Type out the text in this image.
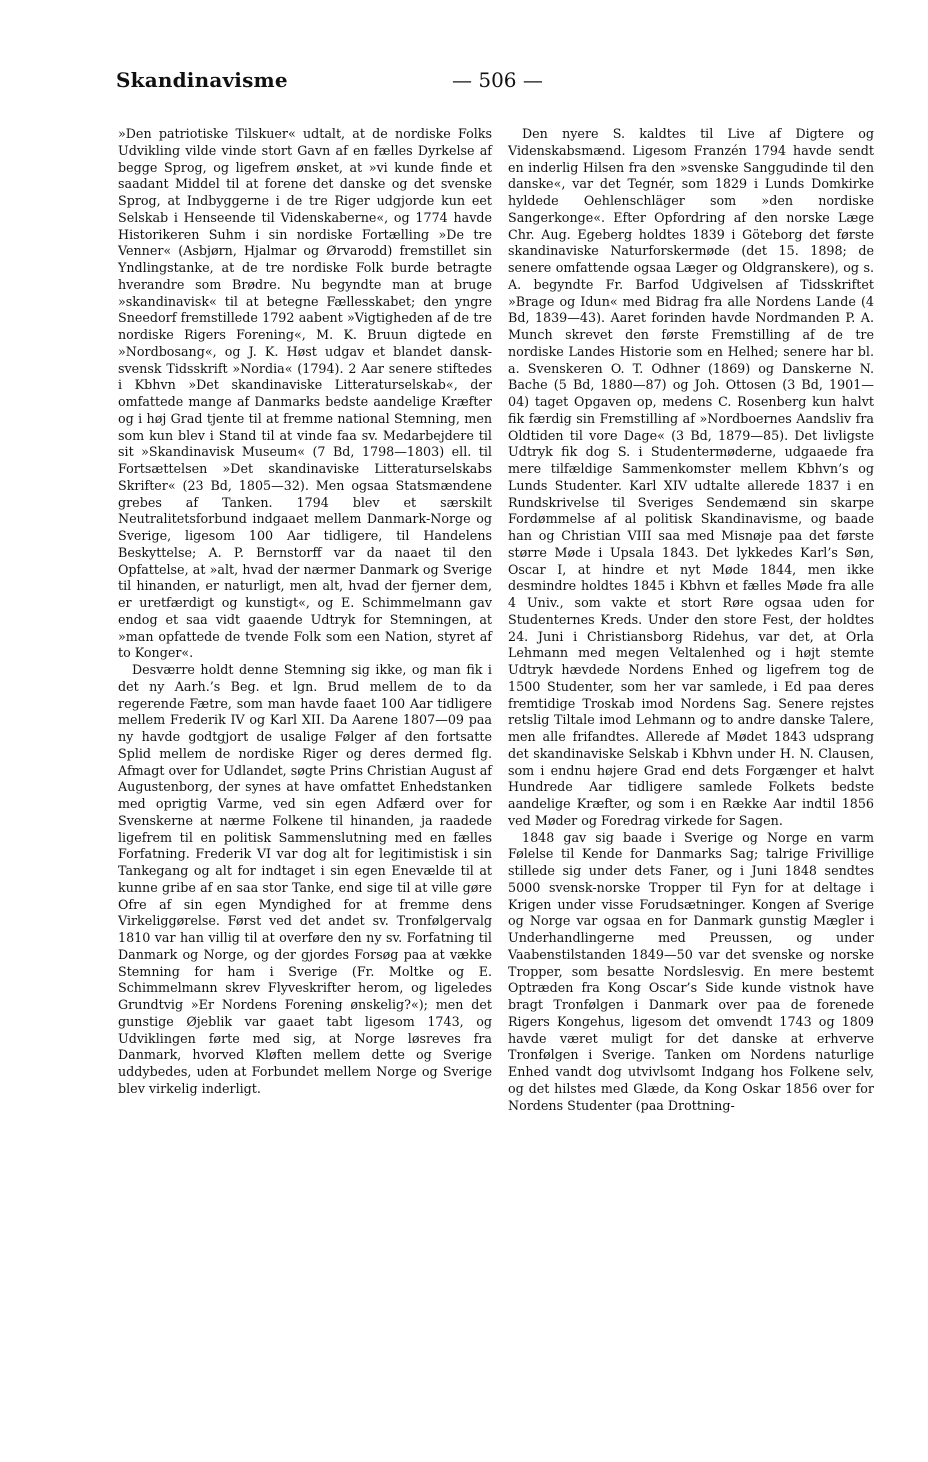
Skandinavisme	— 506 —

»Den patriotiske Tilskuer« udtalt, at de nordiske Folks Udvikling vilde vinde stort Gavn af en fælles Dyrkelse af begge Sprog, og ligefrem ønsket, at »vi kunde finde et saadant Middel til at forene det danske og det svenske Sprog, at Indbyggerne i de tre Riger udgjorde kun eet Selskab i Henseende til Videnskaberne«, og 1774 havde Historikeren Suhm i sin nordiske Fortælling »De tre Venner« (Asbjørn, Hjalmar og Ørvarodd) fremstillet sin Yndlingstanke, at de tre nordiske Folk burde betragte hverandre som Brødre. Nu begyndte man at bruge »skandinavisk« til at betegne Fællesskabet; den yngre Sneedorf fremstillede 1792 aabent »Vigtigheden af de tre nordiske Rigers Forening«, M. K. Bruun digtede en »Nordbosang«, og J. K. Høst udgav et blandet dansk-svensk Tidsskrift »Nordia« (1794). 2 Aar senere stiftedes i Kbhvn »Det skandinaviske Litteraturselskab«, der omfattede mange af Danmarks bedste aandelige Kræfter og i høj Grad tjente til at fremme national Stemning, men som kun blev i Stand til at vinde faa sv. Medarbejdere til sit »Skandinavisk Museum« (7 Bd, 1798—1803) ell. til Fortsættelsen »Det skandinaviske Litteraturselskabs Skrifter« (23 Bd, 1805—32). Men ogsaa Statsmændene grebes af Tanken. 1794 blev et særskilt Neutralitetsforbund indgaaet mellem Danmark-Norge og Sverige, ligesom 100 Aar tidligere, til Handelens Beskyttelse; A. P. Bernstorff var da naaet til den Opfattelse, at »alt, hvad der nærmer Danmark og Sverige til hinanden, er naturligt, men alt, hvad der fjerner dem, er uretfærdigt og kunstigt«, og E. Schimmelmann gav endog et saa vidt gaaende Udtryk for Stemningen, at »man opfattede de tvende Folk som een Nation, styret af to Konger«.

Desværre holdt denne Stemning sig ikke, og man fik i det ny Aarh.’s Beg. et lgn. Brud mellem de to da regerende Fætre, som man havde faaet 100 Aar tidligere mellem Frederik IV og Karl XII. Da Aarene 1807—09 paa ny havde godtgjort de usalige Følger af den fortsatte Splid mellem de nordiske Riger og deres dermed flg. Afmagt over for Udlandet, søgte Prins Christian August af Augustenborg, der synes at have omfattet Enhedstanken med oprigtig Varme, ved sin egen Adfærd over for Svenskerne at nærme Folkene til hinanden, ja raadede ligefrem til en politisk Sammenslutning med en fælles Forfatning. Frederik VI var dog alt for legitimistisk i sin Tankegang og alt for indtaget i sin egen Enevælde til at kunne gribe af en saa stor Tanke, end sige til at ville gøre Ofre af sin egen Myndighed for at fremme dens Virkeliggørelse. Først ved det andet sv. Tronfølgervalg 1810 var han villig til at overføre den ny sv. Forfatning til Danmark og Norge, og der gjordes Forsøg paa at vække Stemning for ham i Sverige (Fr. Moltke og E. Schimmelmann skrev Flyveskrifter herom, og ligeledes Grundtvig »Er Nordens Forening ønskelig?«); men det gunstige Øjeblik var gaaet tabt ligesom 1743, og Udviklingen førte med sig, at Norge løsreves fra Danmark, hvorved Kløften mellem dette og Sverige uddybedes, uden at Forbundet mellem Norge og Sverige blev virkelig inderligt.

Den nyere S. kaldtes til Live af Digtere og Videnskabsmænd. Ligesom Franzén 1794 havde sendt en inderlig Hilsen fra den »svenske Sanggudinde til den danske«, var det Tegnér, som 1829 i Lunds Domkirke hyldede Oehlenschläger som »den nordiske Sangerkonge«. Efter Opfordring af den norske Læge Chr. Aug. Egeberg holdtes 1839 i Göteborg det første skandinaviske Naturforskermøde (det 15. 1898; de senere omfattende ogsaa Læger og Oldgranskere), og s. A. begyndte Fr. Barfod Udgivelsen af Tidsskriftet »Brage og Idun« med Bidrag fra alle Nordens Lande (4 Bd, 1839—43). Aaret forinden havde Nordmanden P. A. Munch skrevet den første Fremstilling af de tre nordiske Landes Historie som en Helhed; senere har bl. a. Svenskeren O. T. Odhner (1869) og Danskerne N. Bache (5 Bd, 1880—87) og Joh. Ottosen (3 Bd, 1901—04) taget Opgaven op, medens C. Rosenberg kun halvt fik færdig sin Fremstilling af »Nordboernes Aandsliv fra Oldtiden til vore Dage« (3 Bd, 1879—85). Det livligste Udtryk fik dog S. i Studentermøderne, udgaaede fra mere tilfældige Sammenkomster mellem Kbhvn’s og Lunds Studenter. Karl XIV udtalte allerede 1837 i en Rundskrivelse til Sveriges Sendemænd sin skarpe Fordømmelse af al politisk Skandinavisme, og baade han og Christian VIII saa med Misnøje paa det første større Møde i Upsala 1843. Det lykkedes Karl’s Søn, Oscar I, at hindre et nyt Møde 1844, men ikke desmindre holdtes 1845 i Kbhvn et fælles Møde fra alle 4 Univ., som vakte et stort Røre ogsaa uden for Studenternes Kreds. Under den store Fest, der holdtes 24. Juni i Christiansborg Ridehus, var det, at Orla Lehmann med megen Veltalenhed og i højt stemte Udtryk hævdede Nordens Enhed og ligefrem tog de 1500 Studenter, som her var samlede, i Ed paa deres fremtidige Troskab imod Nordens Sag. Senere rejstes retslig Tiltale imod Lehmann og to andre danske Talere, men alle frifandtes. Allerede af Mødet 1843 udsprang det skandinaviske Selskab i Kbhvn under H. N. Clausen, som i endnu højere Grad end dets Forgænger et halvt Hundrede Aar tidligere samlede Folkets bedste aandelige Kræfter, og som i en Række Aar indtil 1856 ved Møder og Foredrag virkede for Sagen.

1848 gav sig baade i Sverige og Norge en varm Følelse til Kende for Danmarks Sag; talrige Frivillige stillede sig under dets Faner, og i Juni 1848 sendtes 5000 svensk-norske Tropper til Fyn for at deltage i Krigen under visse Forudsætninger. Kongen af Sverige og Norge var ogsaa en for Danmark gunstig Mægler i Underhandlingerne med Preussen, og under Vaabenstilstanden 1849—50 var det svenske og norske Tropper, som besatte Nordslesvig. En mere bestemt Optræden fra Kong Oscar’s Side kunde vistnok have bragt Tronfølgen i Danmark over paa de forenede Rigers Kongehus, ligesom det omvendt 1743 og 1809 havde været muligt for det danske at erhverve Tronfølgen i Sverige. Tanken om Nordens naturlige Enhed vandt dog utvivlsomt Indgang hos Folkene selv, og det hilstes med Glæde, da Kong Oskar 1856 over for Nordens Studenter (paa Drottning-
